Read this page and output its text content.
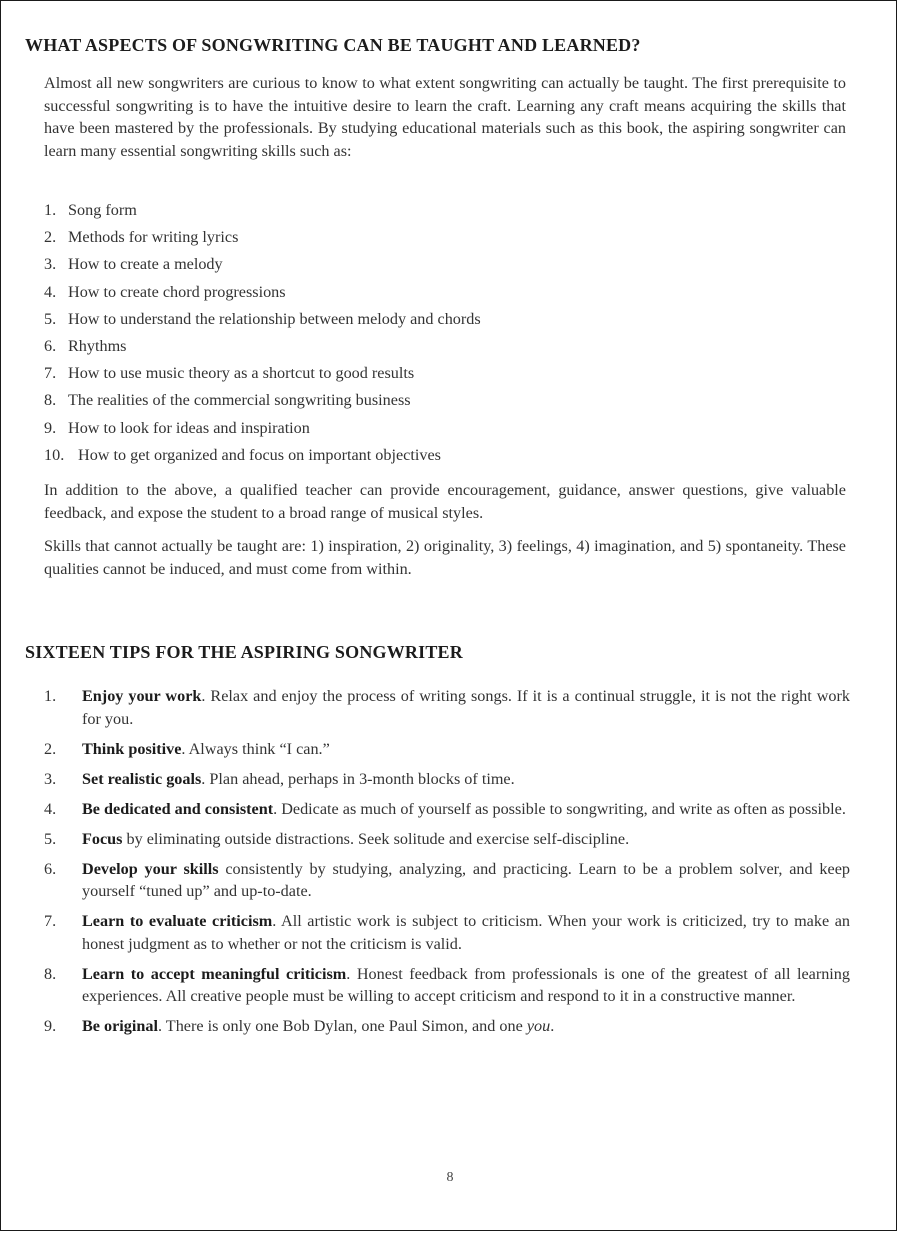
WHAT ASPECTS OF SONGWRITING CAN BE TAUGHT AND LEARNED?

Almost all new songwriters are curious to know to what extent songwriting can actually be taught. The first prerequisite to successful songwriting is to have the intuitive desire to learn the craft. Learning any craft means acquiring the skills that have been mastered by the professionals. By studying educational materials such as this book, the aspiring songwriter can learn many essential songwriting skills such as:

1. Song form
2. Methods for writing lyrics
3. How to create a melody
4. How to create chord progressions
5. How to understand the relationship between melody and chords
6. Rhythms
7. How to use music theory as a shortcut to good results
8. The realities of the commercial songwriting business
9. How to look for ideas and inspiration
10. How to get organized and focus on important objectives

In addition to the above, a qualified teacher can provide encouragement, guidance, answer questions, give valuable feedback, and expose the student to a broad range of musical styles.

Skills that cannot actually be taught are: 1) inspiration, 2) originality, 3) feelings, 4) imagination, and 5) spontaneity. These qualities cannot be induced, and must come from within.

SIXTEEN TIPS FOR THE ASPIRING SONGWRITER
1.	Enjoy your work. Relax and enjoy the process of writing songs. If it is a continual struggle, it is not the right work for you.
2.	Think positive. Always think “I can.”
3.	Set realistic goals. Plan ahead, perhaps in 3-month blocks of time.
4.	Be dedicated and consistent. Dedicate as much of yourself as possible to songwriting, and write as often as possible.
5.	Focus by eliminating outside distractions. Seek solitude and exercise self-discipline.
6.	Develop your skills consistently by studying, analyzing, and practicing. Learn to be a problem solver, and keep yourself “tuned up” and up-to-date.
7.	Learn to evaluate criticism. All artistic work is subject to criticism. When your work is criticized, try to make an honest judgment as to whether or not the criticism is valid.
8.	Learn to accept meaningful criticism. Honest feedback from professionals is one of the greatest of all learning experiences. All creative people must be willing to accept criticism and respond to it in a constructive manner.
9.	Be original. There is only one Bob Dylan, one Paul Simon, and one you.
8
